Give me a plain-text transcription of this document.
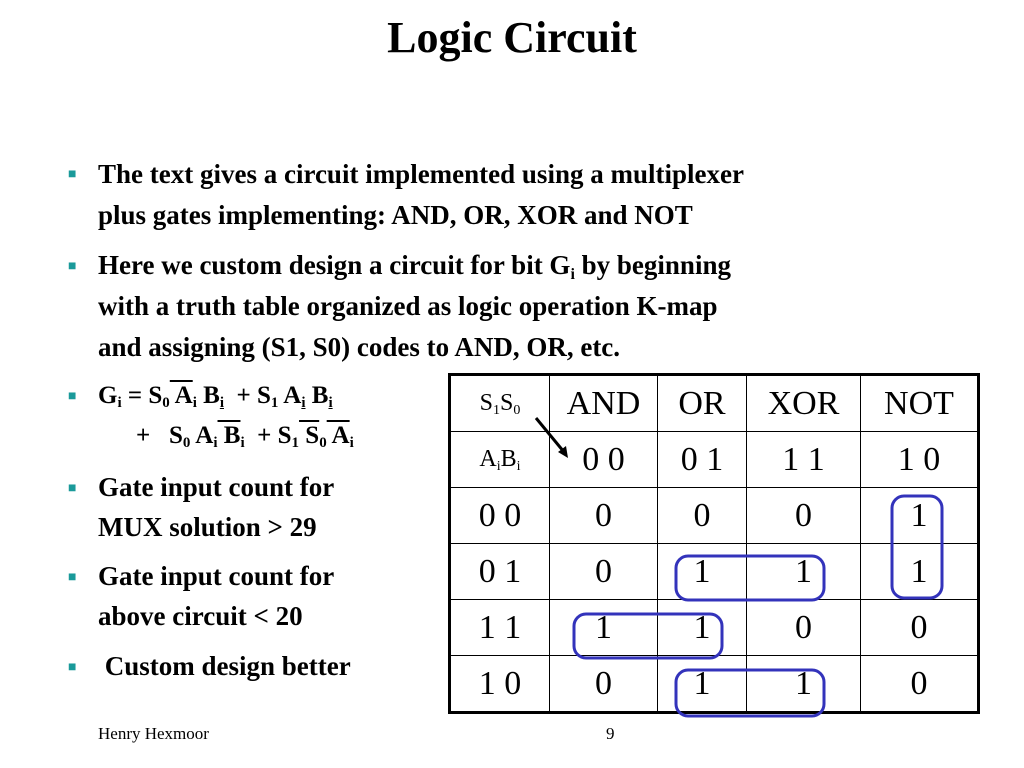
Logic Circuit
■ The text gives a circuit implemented using a multiplexer
plus gates implementing: AND, OR, XOR and NOT
■ Here we custom design a circuit for bit $G_i$ by beginning
with a truth table organized as logic operation K-map
and assigning (S1, S0) codes to AND, OR, etc.
■ $G_i = S_0$ $A_i$ $B_i + S_1$ $A_i$ $B_i$
+   $S_0$ $A_i$ $B_i + S_1$ $S_0$ $A_i$
■ Gate input count for
MUX solution > 29
■ Gate input count for
above circuit < 20
■ Custom design better
$S_1S_0$	AND	OR	XOR	NOT
$A_iB_i$	0 0	0 1	1 1	1 0
0 0	0	0	0	1
0 1	0	1	1	1
1 1	1	1	0	0
1 0	0	1	1	0
Henry Hexmoor	9
